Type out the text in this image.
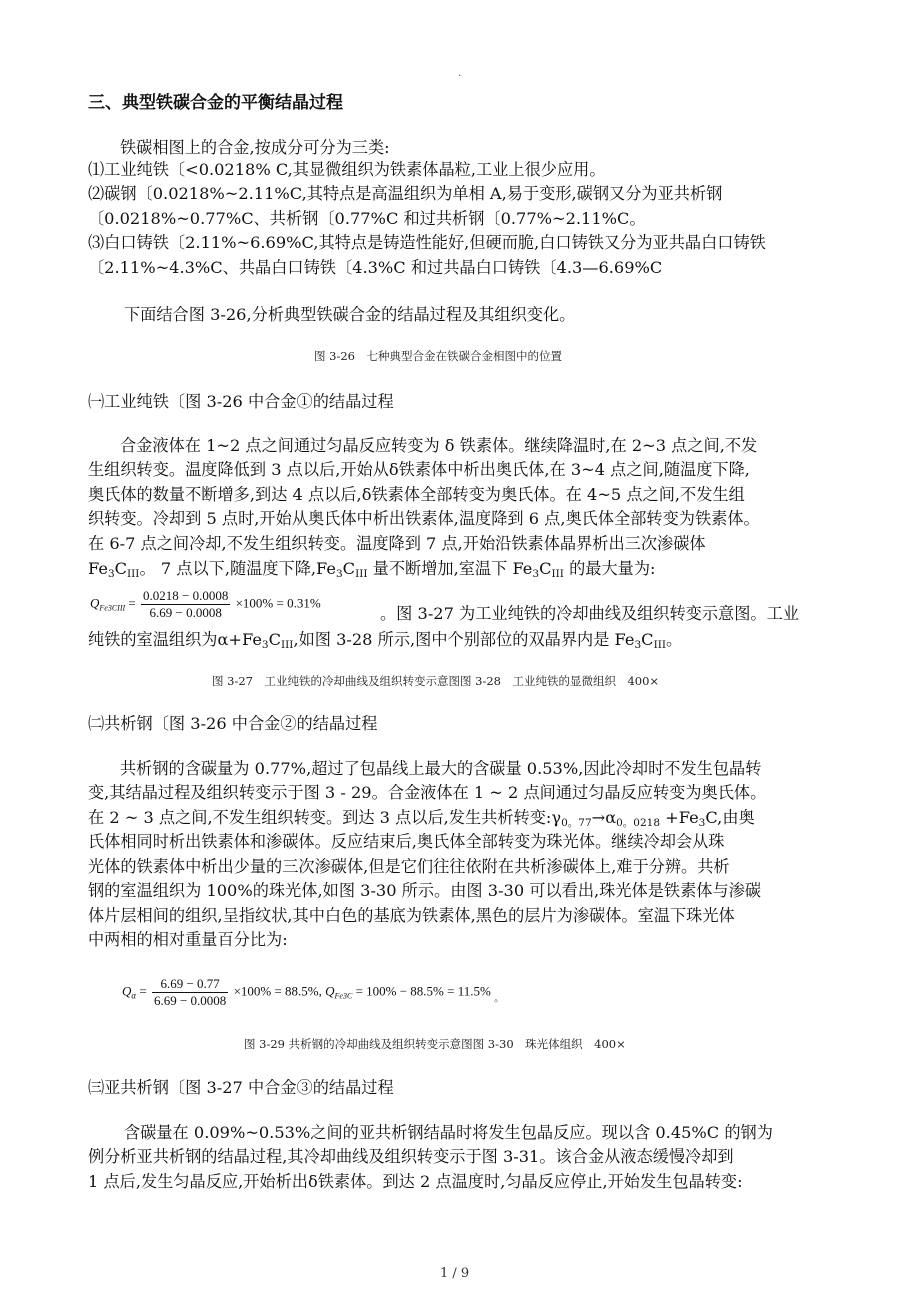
.
三、典型铁碳合金的平衡结晶过程
铁碳相图上的合金,按成分可分为三类:
⑴工业纯铁〔<0.0218% C,其显微组织为铁素体晶粒,工业上很少应用。
⑵碳钢〔0.0218%~2.11%C,其特点是高温组织为单相 A,易于变形,碳钢又分为亚共析钢
〔0.0218%~0.77%C、共析钢〔0.77%C 和过共析钢〔0.77%~2.11%C。
⑶白口铸铁〔2.11%~6.69%C,其特点是铸造性能好,但硬而脆,白口铸铁又分为亚共晶白口铸铁
〔2.11%~4.3%C、共晶白口铸铁〔4.3%C 和过共晶白口铸铁〔4.3—6.69%C
下面结合图 3-26,分析典型铁碳合金的结晶过程及其组织变化。
图 3-26　七种典型合金在铁碳合金相图中的位置
㈠工业纯铁〔图 3-26 中合金①的结晶过程
合金液体在 1~2 点之间通过匀晶反应转变为 δ 铁素体。继续降温时,在 2~3 点之间,不发
生组织转变。温度降低到 3 点以后,开始从δ铁素体中析出奥氏体,在 3~4 点之间,随温度下降,
奥氏体的数量不断增多,到达 4 点以后,δ铁素体全部转变为奥氏体。在 4~5 点之间,不发生组
织转变。冷却到 5 点时,开始从奥氏体中析出铁素体,温度降到 6 点,奥氏体全部转变为铁素体。
在 6-7 点之间冷却,不发生组织转变。温度降到 7 点,开始沿铁素体晶界析出三次渗碳体
$Fe_3C_{III}$。 7 点以下,随温度下降$,Fe_3C_{III}$ 量不断增加,室温下 $Fe_3C_{III}$ 的最大量为:
$Q_{Fe3CIII} = \frac{0.0218 - 0.0008}{6.69 - 0.0008} \times 100\% = 0.31\%$
。图 3-27 为工业纯铁的冷却曲线及组织转变示意图。工业
纯铁的室温组织为$\alpha+Fe_3C_{III}$,如图 3-28 所示,图中个别部位的双晶界内是 $Fe_3C_{III}$。
图 3-27　工业纯铁的冷却曲线及组织转变示意图图 3-28　工业纯铁的显微组织　400×
㈡共析钢〔图 3-26 中合金②的结晶过程
共析钢的含碳量为 0.77%,超过了包晶线上最大的含碳量 0.53%,因此冷却时不发生包晶转
变,其结晶过程及组织转变示于图 3 - 29。合金液体在 1 ~ 2 点间通过匀晶反应转变为奥氏体。
在 2 ~ 3 点之间,不发生组织转变。到达 3 点以后,发生共析转变$:\gamma_{0。77}\to\alpha_{0。0218} +Fe_3C$,由奥
氏体相同时析出铁素体和渗碳体。反应结束后,奥氏体全部转变为珠光体。继续冷却会从珠
光体的铁素体中析出少量的三次渗碳体,但是它们往往依附在共析渗碳体上,难于分辨。共析
钢的室温组织为 100%的珠光体,如图 3-30 所示。由图 3-30 可以看出,珠光体是铁素体与渗碳
体片层相间的组织,呈指纹状,其中白色的基底为铁素体,黑色的层片为渗碳体。室温下珠光体
中两相的相对重量百分比为:
$Q_\alpha = \frac{6.69 - 0.77}{6.69 - 0.0008} \times 100\% = 88.5\%$, $Q_{Fe3C} = 100\% - 88.5\% = 11.5\%$ $_。$
图 3-29 共析钢的冷却曲线及组织转变示意图图 3-30　珠光体组织　400×
㈢亚共析钢〔图 3-27 中合金③的结晶过程
含碳量在 0.09%~0.53%之间的亚共析钢结晶时将发生包晶反应。现以含 0.45%C 的钢为
例分析亚共析钢的结晶过程,其冷却曲线及组织转变示于图 3-31。该合金从液态缓慢冷却到
1 点后,发生匀晶反应,开始析出δ铁素体。到达 2 点温度时,匀晶反应停止,开始发生包晶转变:
1 / 9
